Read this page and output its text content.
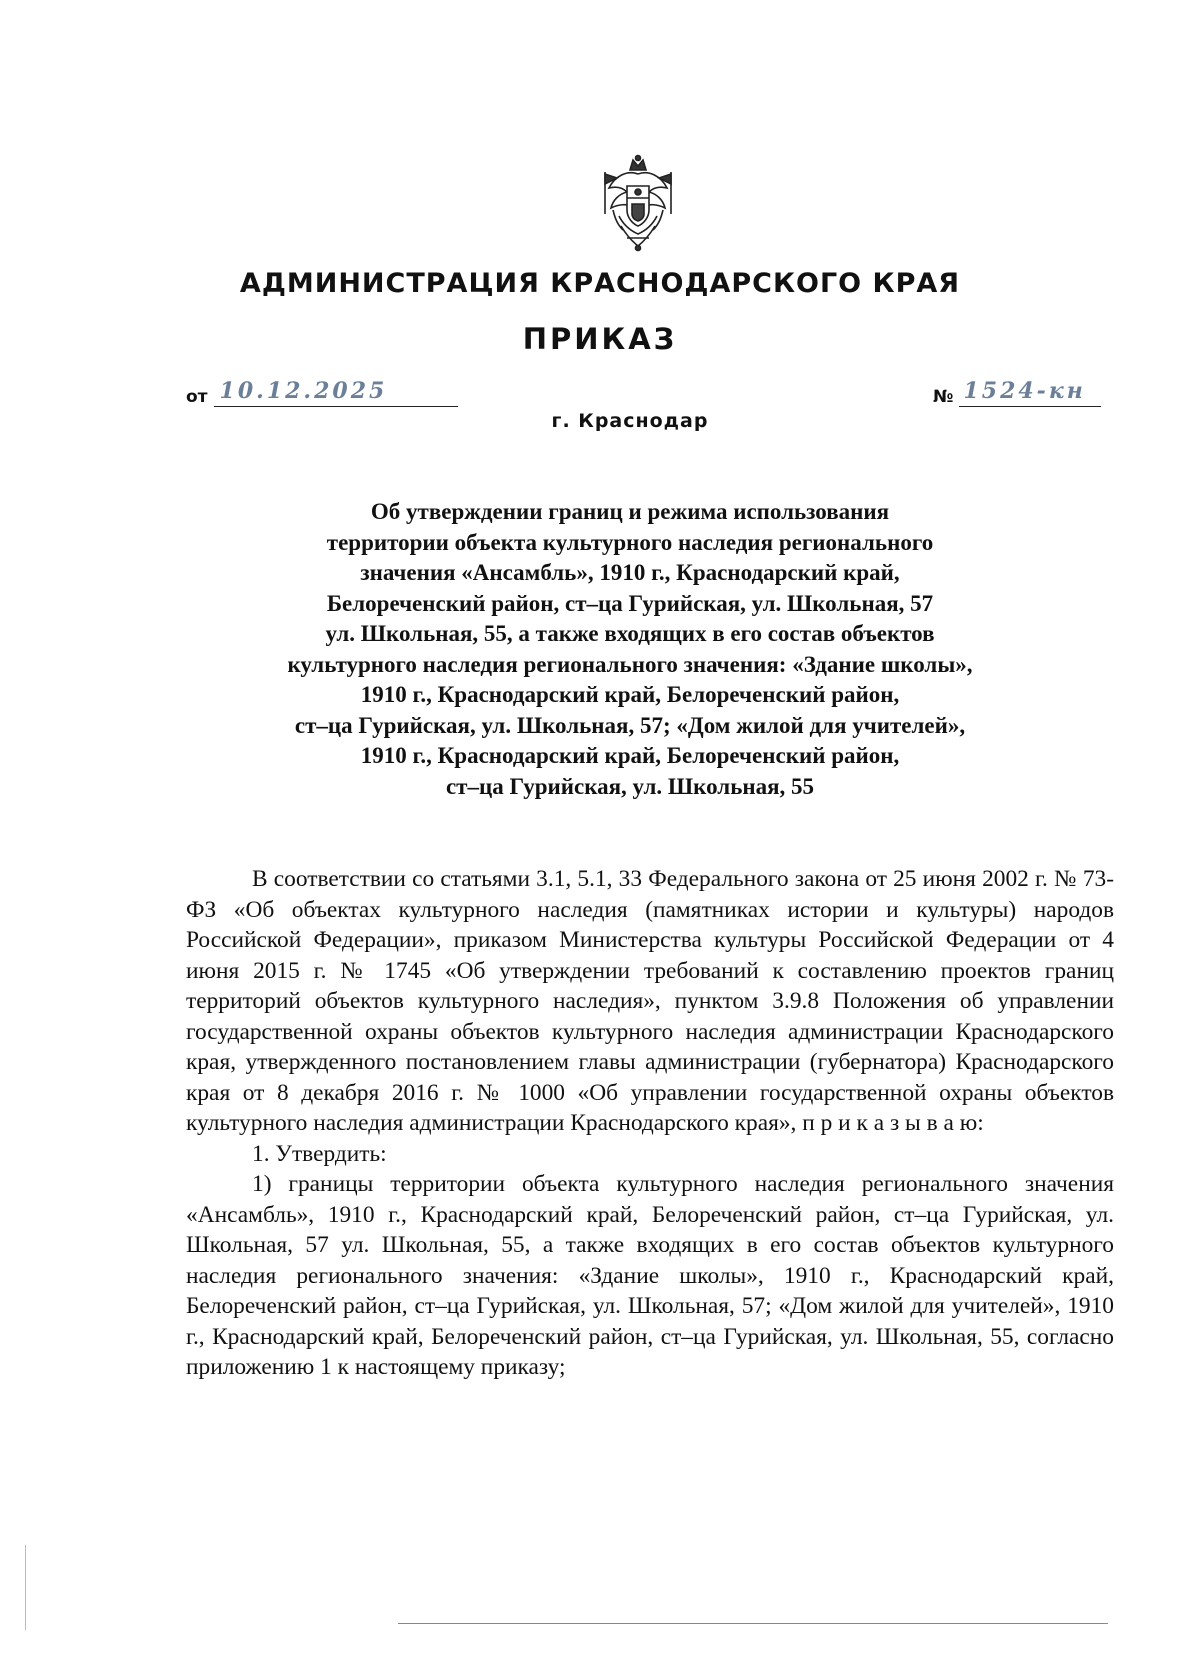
АДМИНИСТРАЦИЯ КРАСНОДАРСКОГО КРАЯ
ПРИКАЗ
от 10.12.2025	№ 1524-кн
г. Краснодар
Об утверждении границ и режима использования
территории объекта культурного наследия регионального
значения «Ансамбль», 1910 г., Краснодарский край,
Белореченский район, ст–ца Гурийская, ул. Школьная, 57
ул. Школьная, 55, а также входящих в его состав объектов
культурного наследия регионального значения: «Здание школы»,
1910 г., Краснодарский край, Белореченский район,
ст–ца Гурийская, ул. Школьная, 57; «Дом жилой для учителей»,
1910 г., Краснодарский край, Белореченский район,
ст–ца Гурийская, ул. Школьная, 55

В соответствии со статьями 3.1, 5.1, 33 Федерального закона от 25 июня 2002 г. № 73-ФЗ «Об объектах культурного наследия (памятниках истории и культуры) народов Российской Федерации», приказом Министерства культуры Российской Федерации от 4 июня 2015 г. № 1745 «Об утверждении требований к составлению проектов границ территорий объектов культурного наследия», пунктом 3.9.8 Положения об управлении государственной охраны объектов культурного наследия администрации Краснодарского края, утвержденного постановлением главы администрации (губернатора) Краснодарского края от 8 декабря 2016 г. № 1000 «Об управлении государственной охраны объектов культурного наследия администрации Краснодарского края», п р и к а з ы в а ю:

1. Утвердить:

1) границы территории объекта культурного наследия регионального значения «Ансамбль», 1910 г., Краснодарский край, Белореченский район, ст–ца Гурийская, ул. Школьная, 57 ул. Школьная, 55, а также входящих в его состав объектов культурного наследия регионального значения: «Здание школы», 1910 г., Краснодарский край, Белореченский район, ст–ца Гурийская, ул. Школьная, 57; «Дом жилой для учителей», 1910 г., Краснодарский край, Белореченский район, ст–ца Гурийская, ул. Школьная, 55, согласно приложению 1 к настоящему приказу;
